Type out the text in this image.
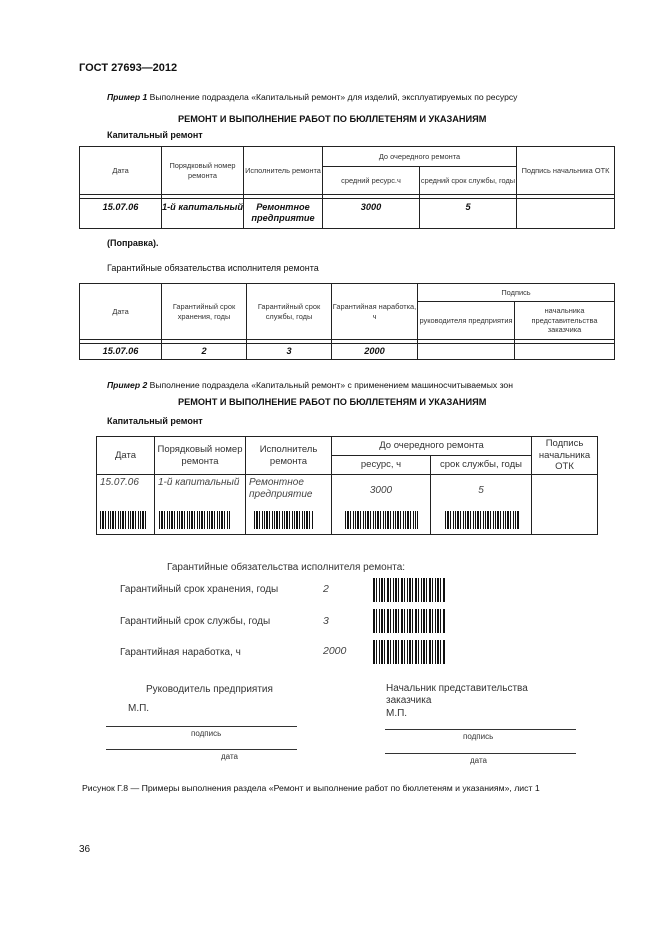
ГОСТ 27693—2012
Пример 1 Выполнение подраздела «Капитальный ремонт» для изделий, эксплуатируемых по ресурсу
РЕМОНТ И ВЫПОЛНЕНИЕ РАБОТ ПО БЮЛЛЕТЕНЯМ И УКАЗАНИЯМ
Капитальный ремонт
Дата	Порядковый номер ремонта	Исполнитель ремонта	До очередного ремонта		Подпись начальника ОТК
			средний ресурс.ч	средний срок службы, годы	

15.07.06	1-й капитальный	Ремонтное предприятие	3000	5	
(Поправка).
Гарантийные обязательства исполнителя ремонта
Дата	Гарантийный срок хранения, годы	Гарантийный срок службы, годы	Гарантийная наработка, ч	Подпись	
				руководителя предприятия	начальника представительства заказчика

15.07.06	2	3	2000		
Пример 2 Выполнение подраздела «Капитальный ремонт» с применением машиносчитываемых зон
РЕМОНТ И ВЫПОЛНЕНИЕ РАБОТ ПО БЮЛЛЕТЕНЯМ И УКАЗАНИЯМ
Капитальный ремонт
Дата	Порядковый номер ремонта	Исполнитель ремонта	До очередного ремонта		Подпись начальника ОТК
			ресурс, ч	срок службы, годы	
15.07.06	1-й капитальный	Ремонтное предприятие	3000	5	
Гарантийные обязательства исполнителя ремонта:
Гарантийный срок хранения, годы	2
Гарантийный срок службы, годы	3
Гарантийная наработка, ч	2000
Руководитель предприятия
М.П.
подпись
дата
Начальник представительства заказчика
М.П.
подпись
дата
Рисунок Г.8 — Примеры выполнения раздела «Ремонт и выполнение работ по бюллетеням и указаниям», лист 1
36
